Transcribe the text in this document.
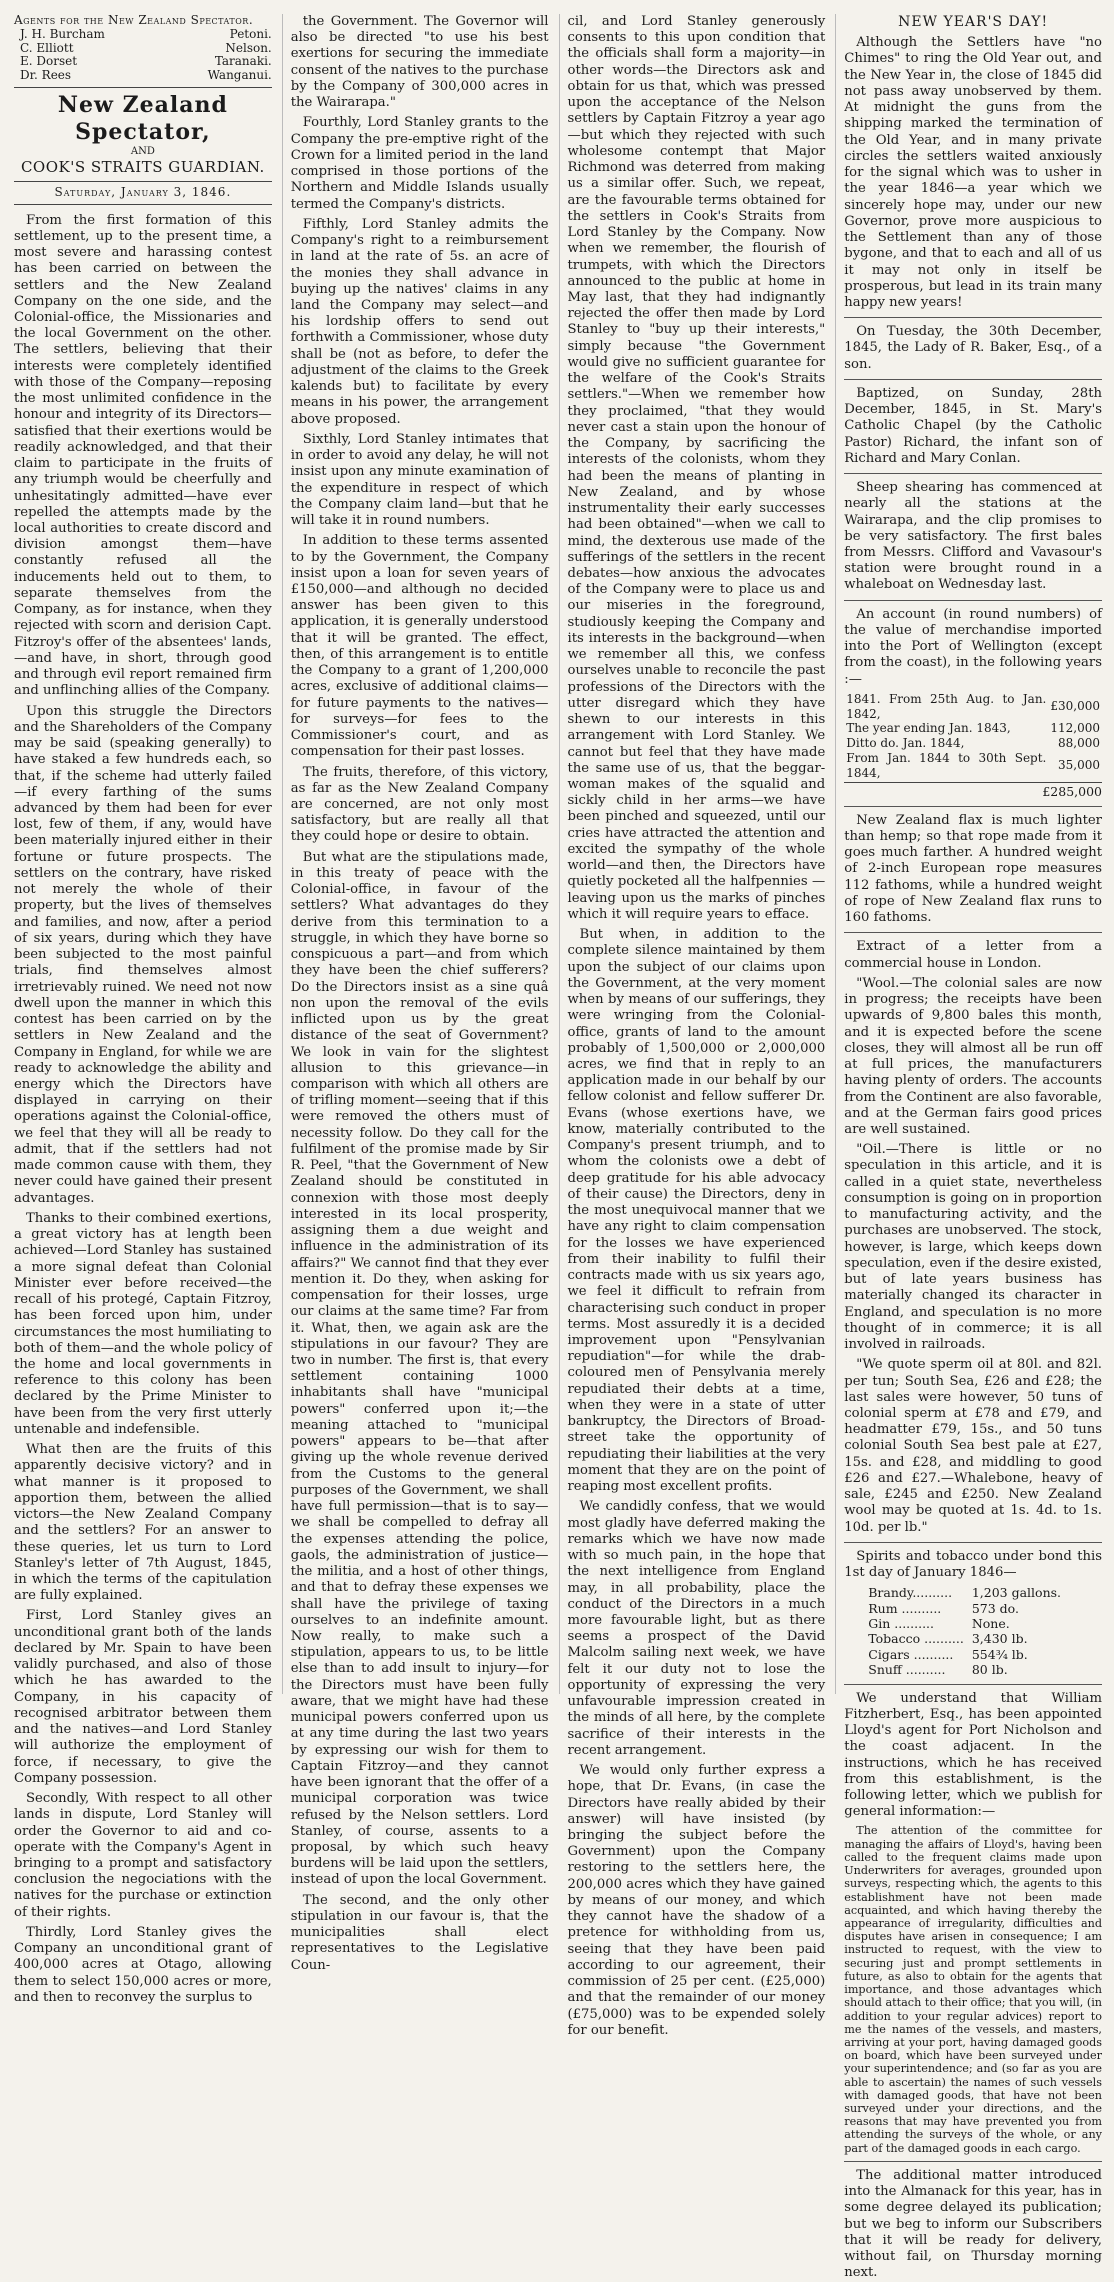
Agents for the New Zealand Spectator.
J. H. Burcham	Petoni.
C. Elliott	Nelson.
E. Dorset	Taranaki.
Dr. Rees	Wanganui.
New Zealand Spectator,
AND
COOK'S STRAITS GUARDIAN.
Saturday, January 3, 1846.

From the first formation of this settlement, up to the present time, a most severe and harassing contest has been carried on between the settlers and the New Zealand Company on the one side, and the Colonial-office, the Missionaries and the local Government on the other. The settlers, believing that their interests were completely identified with those of the Company—reposing the most unlimited confidence in the honour and integrity of its Directors—satisfied that their exertions would be readily acknowledged, and that their claim to participate in the fruits of any triumph would be cheerfully and unhesitatingly admitted—have ever repelled the attempts made by the local authorities to create discord and division amongst them—have constantly refused all the inducements held out to them, to separate themselves from the Company, as for instance, when they rejected with scorn and derision Capt. Fitzroy's offer of the absentees' lands,—and have, in short, through good and through evil report remained firm and unflinching allies of the Company.

Upon this struggle the Directors and the Shareholders of the Company may be said (speaking generally) to have staked a few hundreds each, so that, if the scheme had utterly failed—if every farthing of the sums advanced by them had been for ever lost, few of them, if any, would have been materially injured either in their fortune or future prospects. The settlers on the contrary, have risked not merely the whole of their property, but the lives of themselves and families, and now, after a period of six years, during which they have been subjected to the most painful trials, find themselves almost irretrievably ruined. We need not now dwell upon the manner in which this contest has been carried on by the settlers in New Zealand and the Company in England, for while we are ready to acknowledge the ability and energy which the Directors have displayed in carrying on their operations against the Colonial-office, we feel that they will all be ready to admit, that if the settlers had not made common cause with them, they never could have gained their present advantages.

Thanks to their combined exertions, a great victory has at length been achieved—Lord Stanley has sustained a more signal defeat than Colonial Minister ever before received—the recall of his protegé, Captain Fitzroy, has been forced upon him, under circumstances the most humiliating to both of them—and the whole policy of the home and local governments in reference to this colony has been declared by the Prime Minister to have been from the very first utterly untenable and indefensible.

What then are the fruits of this apparently decisive victory? and in what manner is it proposed to apportion them, between the allied victors—the New Zealand Company and the settlers? For an answer to these queries, let us turn to Lord Stanley's letter of 7th August, 1845, in which the terms of the capitulation are fully explained.

First, Lord Stanley gives an unconditional grant both of the lands declared by Mr. Spain to have been validly purchased, and also of those which he has awarded to the Company, in his capacity of recognised arbitrator between them and the natives—and Lord Stanley will authorize the employment of force, if necessary, to give the Company possession.

Secondly, With respect to all other lands in dispute, Lord Stanley will order the Governor to aid and co-operate with the Company's Agent in bringing to a prompt and satisfactory conclusion the negociations with the natives for the purchase or extinction of their rights.

Thirdly, Lord Stanley gives the Company an unconditional grant of 400,000 acres at Otago, allowing them to select 150,000 acres or more, and then to reconvey the surplus to

the Government. The Governor will also be directed "to use his best exertions for securing the immediate consent of the natives to the purchase by the Company of 300,000 acres in the Wairarapa."

Fourthly, Lord Stanley grants to the Company the pre-emptive right of the Crown for a limited period in the land comprised in those portions of the Northern and Middle Islands usually termed the Company's districts.

Fifthly, Lord Stanley admits the Company's right to a reimbursement in land at the rate of 5s. an acre of the monies they shall advance in buying up the natives' claims in any land the Company may select—and his lordship offers to send out forthwith a Commissioner, whose duty shall be (not as before, to defer the adjustment of the claims to the Greek kalends but) to facilitate by every means in his power, the arrangement above proposed.

Sixthly, Lord Stanley intimates that in order to avoid any delay, he will not insist upon any minute examination of the expenditure in respect of which the Company claim land—but that he will take it in round numbers.

In addition to these terms assented to by the Government, the Company insist upon a loan for seven years of £150,000—and although no decided answer has been given to this application, it is generally understood that it will be granted. The effect, then, of this arrangement is to entitle the Company to a grant of 1,200,000 acres, exclusive of additional claims—for future payments to the natives—for surveys—for fees to the Commissioner's court, and as compensation for their past losses.

The fruits, therefore, of this victory, as far as the New Zealand Company are concerned, are not only most satisfactory, but are really all that they could hope or desire to obtain.

But what are the stipulations made, in this treaty of peace with the Colonial-office, in favour of the settlers? What advantages do they derive from this termination to a struggle, in which they have borne so conspicuous a part—and from which they have been the chief sufferers? Do the Directors insist as a sine quâ non upon the removal of the evils inflicted upon us by the great distance of the seat of Government? We look in vain for the slightest allusion to this grievance—in comparison with which all others are of trifling moment—seeing that if this were removed the others must of necessity follow. Do they call for the fulfilment of the promise made by Sir R. Peel, "that the Government of New Zealand should be constituted in connexion with those most deeply interested in its local prosperity, assigning them a due weight and influence in the administration of its affairs?" We cannot find that they ever mention it. Do they, when asking for compensation for their losses, urge our claims at the same time? Far from it. What, then, we again ask are the stipulations in our favour? They are two in number. The first is, that every settlement containing 1000 inhabitants shall have "municipal powers" conferred upon it;—the meaning attached to "municipal powers" appears to be—that after giving up the whole revenue derived from the Customs to the general purposes of the Government, we shall have full permission—that is to say—we shall be compelled to defray all the expenses attending the police, gaols, the administration of justice—the militia, and a host of other things, and that to defray these expenses we shall have the privilege of taxing ourselves to an indefinite amount. Now really, to make such a stipulation, appears to us, to be little else than to add insult to injury—for the Directors must have been fully aware, that we might have had these municipal powers conferred upon us at any time during the last two years by expressing our wish for them to Captain Fitzroy—and they cannot have been ignorant that the offer of a municipal corporation was twice refused by the Nelson settlers. Lord Stanley, of course, assents to a proposal, by which such heavy burdens will be laid upon the settlers, instead of upon the local Government.

The second, and the only other stipulation in our favour is, that the municipalities shall elect representatives to the Legislative Coun-

cil, and Lord Stanley generously consents to this upon condition that the officials shall form a majority—in other words—the Directors ask and obtain for us that, which was pressed upon the acceptance of the Nelson settlers by Captain Fitzroy a year ago—but which they rejected with such wholesome contempt that Major Richmond was deterred from making us a similar offer. Such, we repeat, are the favourable terms obtained for the settlers in Cook's Straits from Lord Stanley by the Company. Now when we remember, the flourish of trumpets, with which the Directors announced to the public at home in May last, that they had indignantly rejected the offer then made by Lord Stanley to "buy up their interests," simply because "the Government would give no sufficient guarantee for the welfare of the Cook's Straits settlers."—When we remember how they proclaimed, "that they would never cast a stain upon the honour of the Company, by sacrificing the interests of the colonists, whom they had been the means of planting in New Zealand, and by whose instrumentality their early successes had been obtained"—when we call to mind, the dexterous use made of the sufferings of the settlers in the recent debates—how anxious the advocates of the Company were to place us and our miseries in the foreground, studiously keeping the Company and its interests in the background—when we remember all this, we confess ourselves unable to reconcile the past professions of the Directors with the utter disregard which they have shewn to our interests in this arrangement with Lord Stanley. We cannot but feel that they have made the same use of us, that the beggar-woman makes of the squalid and sickly child in her arms—we have been pinched and squeezed, until our cries have attracted the attention and excited the sympathy of the whole world—and then, the Directors have quietly pocketed all the halfpennies — leaving upon us the marks of pinches which it will require years to efface.

But when, in addition to the complete silence maintained by them upon the subject of our claims upon the Government, at the very moment when by means of our sufferings, they were wringing from the Colonial-office, grants of land to the amount probably of 1,500,000 or 2,000,000 acres, we find that in reply to an application made in our behalf by our fellow colonist and fellow sufferer Dr. Evans (whose exertions have, we know, materially contributed to the Company's present triumph, and to whom the colonists owe a debt of deep gratitude for his able advocacy of their cause) the Directors, deny in the most unequivocal manner that we have any right to claim compensation for the losses we have experienced from their inability to fulfil their contracts made with us six years ago, we feel it difficult to refrain from characterising such conduct in proper terms. Most assuredly it is a decided improvement upon "Pensylvanian repudiation"—for while the drab-coloured men of Pensylvania merely repudiated their debts at a time, when they were in a state of utter bankruptcy, the Directors of Broad-street take the opportunity of repudiating their liabilities at the very moment that they are on the point of reaping most excellent profits.

We candidly confess, that we would most gladly have deferred making the remarks which we have now made with so much pain, in the hope that the next intelligence from England may, in all probability, place the conduct of the Directors in a much more favourable light, but as there seems a prospect of the David Malcolm sailing next week, we have felt it our duty not to lose the opportunity of expressing the very unfavourable impression created in the minds of all here, by the complete sacrifice of their interests in the recent arrangement.

We would only further express a hope, that Dr. Evans, (in case the Directors have really abided by their answer) will have insisted (by bringing the subject before the Government) upon the Company restoring to the settlers here, the 200,000 acres which they have gained by means of our money, and which they cannot have the shadow of a pretence for withholding from us, seeing that they have been paid according to our agreement, their commission of 25 per cent. (£25,000) and that the remainder of our money (£75,000) was to be expended solely for our benefit.

NEW YEAR'S DAY!

Although the Settlers have "no Chimes" to ring the Old Year out, and the New Year in, the close of 1845 did not pass away unobserved by them. At midnight the guns from the shipping marked the termination of the Old Year, and in many private circles the settlers waited anxiously for the signal which was to usher in the year 1846—a year which we sincerely hope may, under our new Governor, prove more auspicious to the Settlement than any of those bygone, and that to each and all of us it may not only in itself be prosperous, but lead in its train many happy new years!

On Tuesday, the 30th December, 1845, the Lady of R. Baker, Esq., of a son.

Baptized, on Sunday, 28th December, 1845, in St. Mary's Catholic Chapel (by the Catholic Pastor) Richard, the infant son of Richard and Mary Conlan.

Sheep shearing has commenced at nearly all the stations at the Wairarapa, and the clip promises to be very satisfactory. The first bales from Messrs. Clifford and Vavasour's station were brought round in a whaleboat on Wednesday last.

An account (in round numbers) of the value of merchandise imported into the Port of Wellington (except from the coast), in the following years :—

1841. From 25th Aug. to Jan. 1842,	£30,000
The year ending Jan. 1843,	112,000
Ditto do. Jan. 1844,	88,000
From Jan. 1844 to 30th Sept. 1844,	35,000
£285,000

New Zealand flax is much lighter than hemp; so that rope made from it goes much farther. A hundred weight of 2-inch European rope measures 112 fathoms, while a hundred weight of rope of New Zealand flax runs to 160 fathoms.

Extract of a letter from a commercial house in London.

"Wool.—The colonial sales are now in progress; the receipts have been upwards of 9,800 bales this month, and it is expected before the scene closes, they will almost all be run off at full prices, the manufacturers having plenty of orders. The accounts from the Continent are also favorable, and at the German fairs good prices are well sustained.

"Oil.—There is little or no speculation in this article, and it is called in a quiet state, nevertheless consumption is going on in proportion to manufacturing activity, and the purchases are unobserved. The stock, however, is large, which keeps down speculation, even if the desire existed, but of late years business has materially changed its character in England, and speculation is no more thought of in commerce; it is all involved in railroads.

"We quote sperm oil at 80l. and 82l. per tun; South Sea, £26 and £28; the last sales were however, 50 tuns of colonial sperm at £78 and £79, and headmatter £79, 15s., and 50 tuns colonial South Sea best pale at £27, 15s. and £28, and middling to good £26 and £27.—Whalebone, heavy of sale, £245 and £250. New Zealand wool may be quoted at 1s. 4d. to 1s. 10d. per lb."

Spirits and tobacco under bond this 1st day of January 1846—

Brandy..........	1,203 gallons.
Rum ..........	573 do.
Gin ..........	None.
Tobacco ..........	3,430 lb.
Cigars ..........	554¾ lb.
Snuff ..........	80 lb.

We understand that William Fitzherbert, Esq., has been appointed Lloyd's agent for Port Nicholson and the coast adjacent. In the instructions, which he has received from this establishment, is the following letter, which we publish for general information:—

The attention of the committee for managing the affairs of Lloyd's, having been called to the frequent claims made upon Underwriters for averages, grounded upon surveys, respecting which, the agents to this establishment have not been made acquainted, and which having thereby the appearance of irregularity, difficulties and disputes have arisen in consequence; I am instructed to request, with the view to securing just and prompt settlements in future, as also to obtain for the agents that importance, and those advantages which should attach to their office; that you will, (in addition to your regular advices) report to me the names of the vessels, and masters, arriving at your port, having damaged goods on board, which have been surveyed under your superintendence; and (so far as you are able to ascertain) the names of such vessels with damaged goods, that have not been surveyed under your directions, and the reasons that may have prevented you from attending the surveys of the whole, or any part of the damaged goods in each cargo.

The additional matter introduced into the Almanack for this year, has in some degree delayed its publication; but we beg to inform our Subscribers that it will be ready for delivery, without fail, on Thursday morning next.
